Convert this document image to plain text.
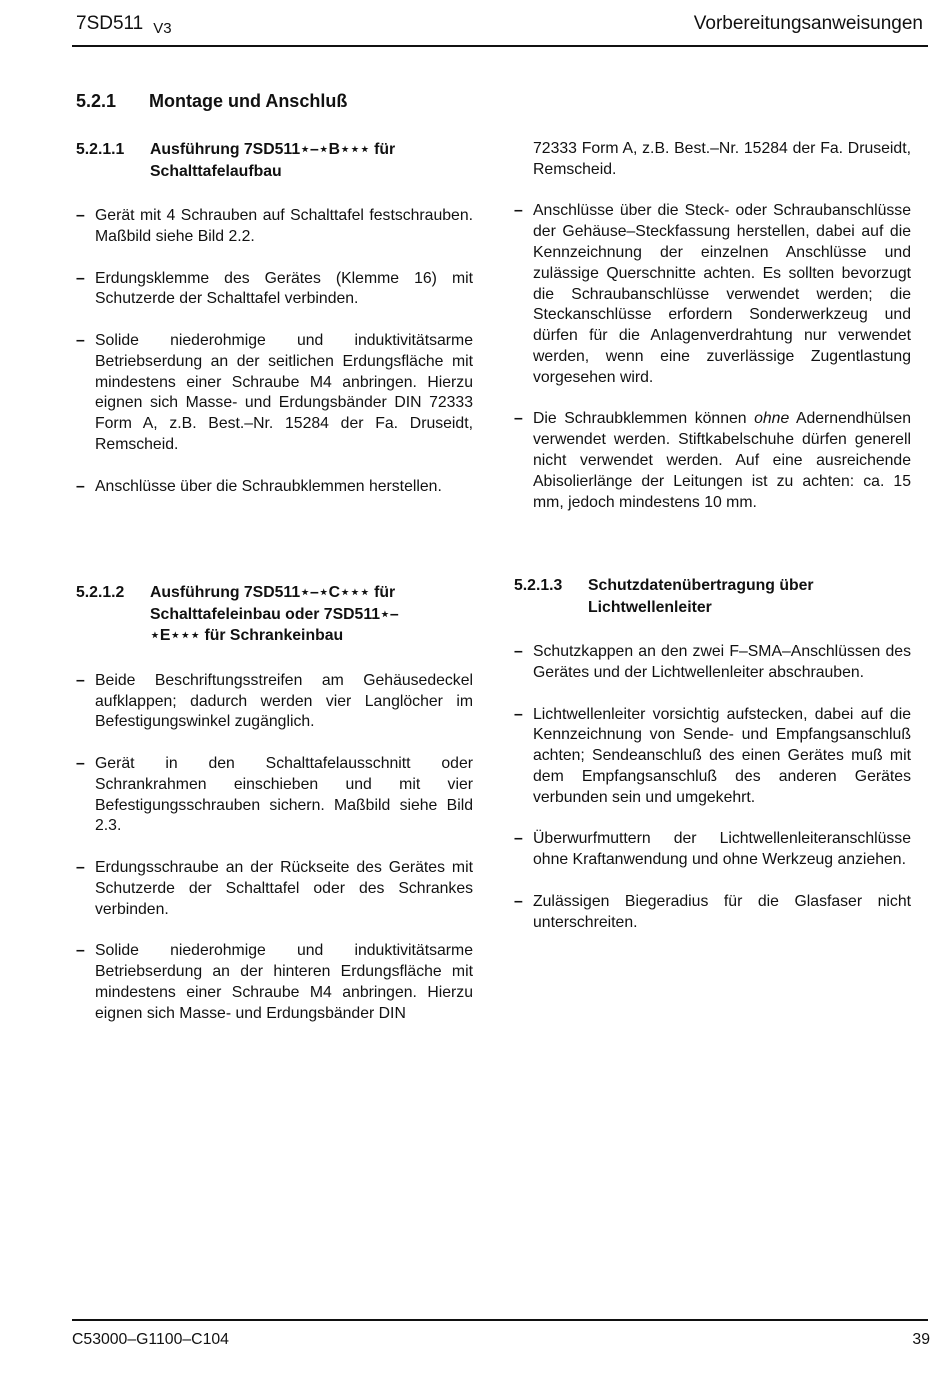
7SD511 $_{V3}$	Vorbereitungsanweisungen
5.2.1 Montage und Anschluß
5.2.1.1 Ausführung 7SD511⋆–⋆B⋆⋆⋆ für
Schalttafelaufbau
– Gerät mit 4 Schrauben auf Schalttafel festschrauben. Maßbild siehe Bild 2.2.
– Erdungsklemme des Gerätes (Klemme 16) mit Schutzerde der Schalttafel verbinden.
– Solide niederohmige und induktivitätsarme Betriebserdung an der seitlichen Erdungsfläche mit mindestens einer Schraube M4 anbringen. Hierzu eignen sich Masse- und Erdungsbänder DIN 72333 Form A, z.B. Best.–Nr. 15284 der Fa. Druseidt, Remscheid.
– Anschlüsse über die Schraubklemmen herstellen.
5.2.1.2 Ausführung 7SD511⋆–⋆C⋆⋆⋆ für
Schalttafeleinbau oder 7SD511⋆–
⋆E⋆⋆⋆ für Schrankeinbau
– Beide Beschriftungsstreifen am Gehäusedeckel aufklappen; dadurch werden vier Langlöcher im Befestigungswinkel zugänglich.
– Gerät in den Schalttafelausschnitt oder Schrankrahmen einschieben und mit vier Befestigungsschrauben sichern. Maßbild siehe Bild 2.3.
– Erdungsschraube an der Rückseite des Gerätes mit Schutzerde der Schalttafel oder des Schrankes verbinden.
– Solide niederohmige und induktivitätsarme Betriebserdung an der hinteren Erdungsfläche mit mindestens einer Schraube M4 anbringen. Hierzu eignen sich Masse- und Erdungsbänder DIN
72333 Form A, z.B. Best.–Nr. 15284 der Fa. Druseidt, Remscheid.
– Anschlüsse über die Steck- oder Schraubanschlüsse der Gehäuse–Steckfassung herstellen, dabei auf die Kennzeichnung der einzelnen Anschlüsse und zulässige Querschnitte achten. Es sollten bevorzugt die Schraubanschlüsse verwendet werden; die Steckanschlüsse erfordern Sonderwerkzeug und dürfen für die Anlagenverdrahtung nur verwendet werden, wenn eine zuverlässige Zugentlastung vorgesehen wird.
– Die Schraubklemmen können ohne Adernendhülsen verwendet werden. Stiftkabelschuhe dürfen generell nicht verwendet werden. Auf eine ausreichende Abisolierlänge der Leitungen ist zu achten: ca. 15 mm, jedoch mindestens 10 mm.
5.2.1.3 Schutzdatenübertragung über
Lichtwellenleiter
– Schutzkappen an den zwei F–SMA–Anschlüssen des Gerätes und der Lichtwellenleiter abschrauben.
– Lichtwellenleiter vorsichtig aufstecken, dabei auf die Kennzeichnung von Sende- und Empfangsanschluß achten; Sendeanschluß des einen Gerätes muß mit dem Empfangsanschluß des anderen Gerätes verbunden sein und umgekehrt.
– Überwurfmuttern der Lichtwellenleiteranschlüsse ohne Kraftanwendung und ohne Werkzeug anziehen.
– Zulässigen Biegeradius für die Glasfaser nicht unterschreiten.
C53000–G1100–C104	39
